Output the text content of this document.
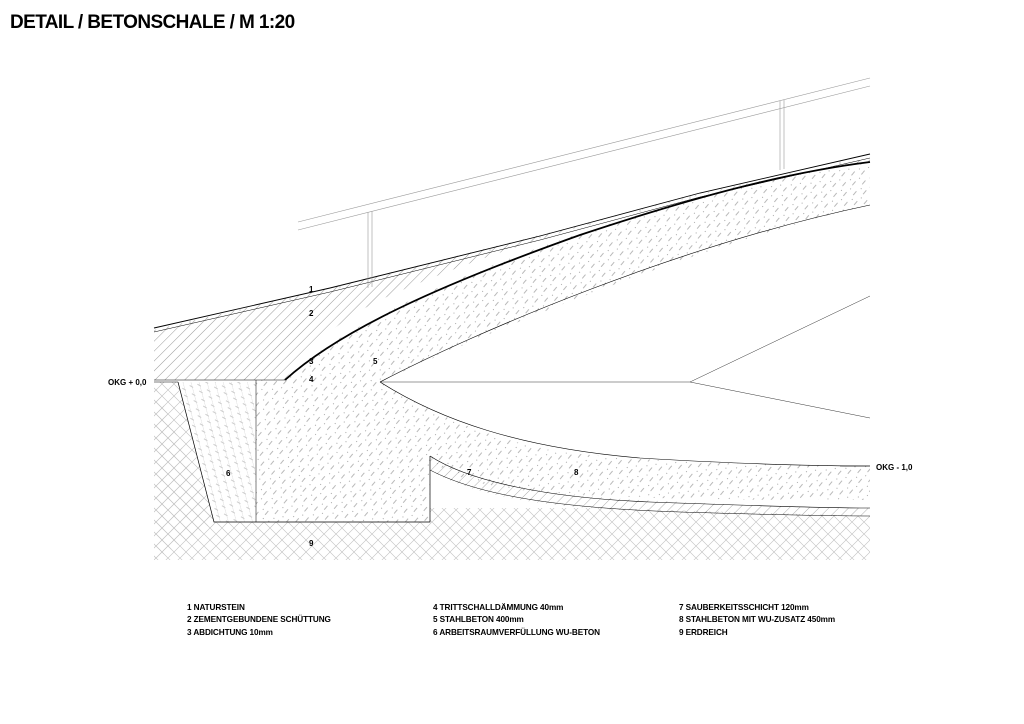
DETAIL / BETONSCHALE / M 1:20
OKG + 0,0
OKG - 1,0
1
2
3
4
5
6	7	8
9
1 NATURSTEIN
2 ZEMENTGEBUNDENE SCHÜTTUNG
3 ABDICHTUNG 10mm
4 TRITTSCHALLDÄMMUNG 40mm
5 STAHLBETON 400mm
6 ARBEITSRAUMVERFÜLLUNG WU-BETON
7 SAUBERKEITSSCHICHT 120mm
8 STAHLBETON MIT WU-ZUSATZ 450mm
9 ERDREICH
